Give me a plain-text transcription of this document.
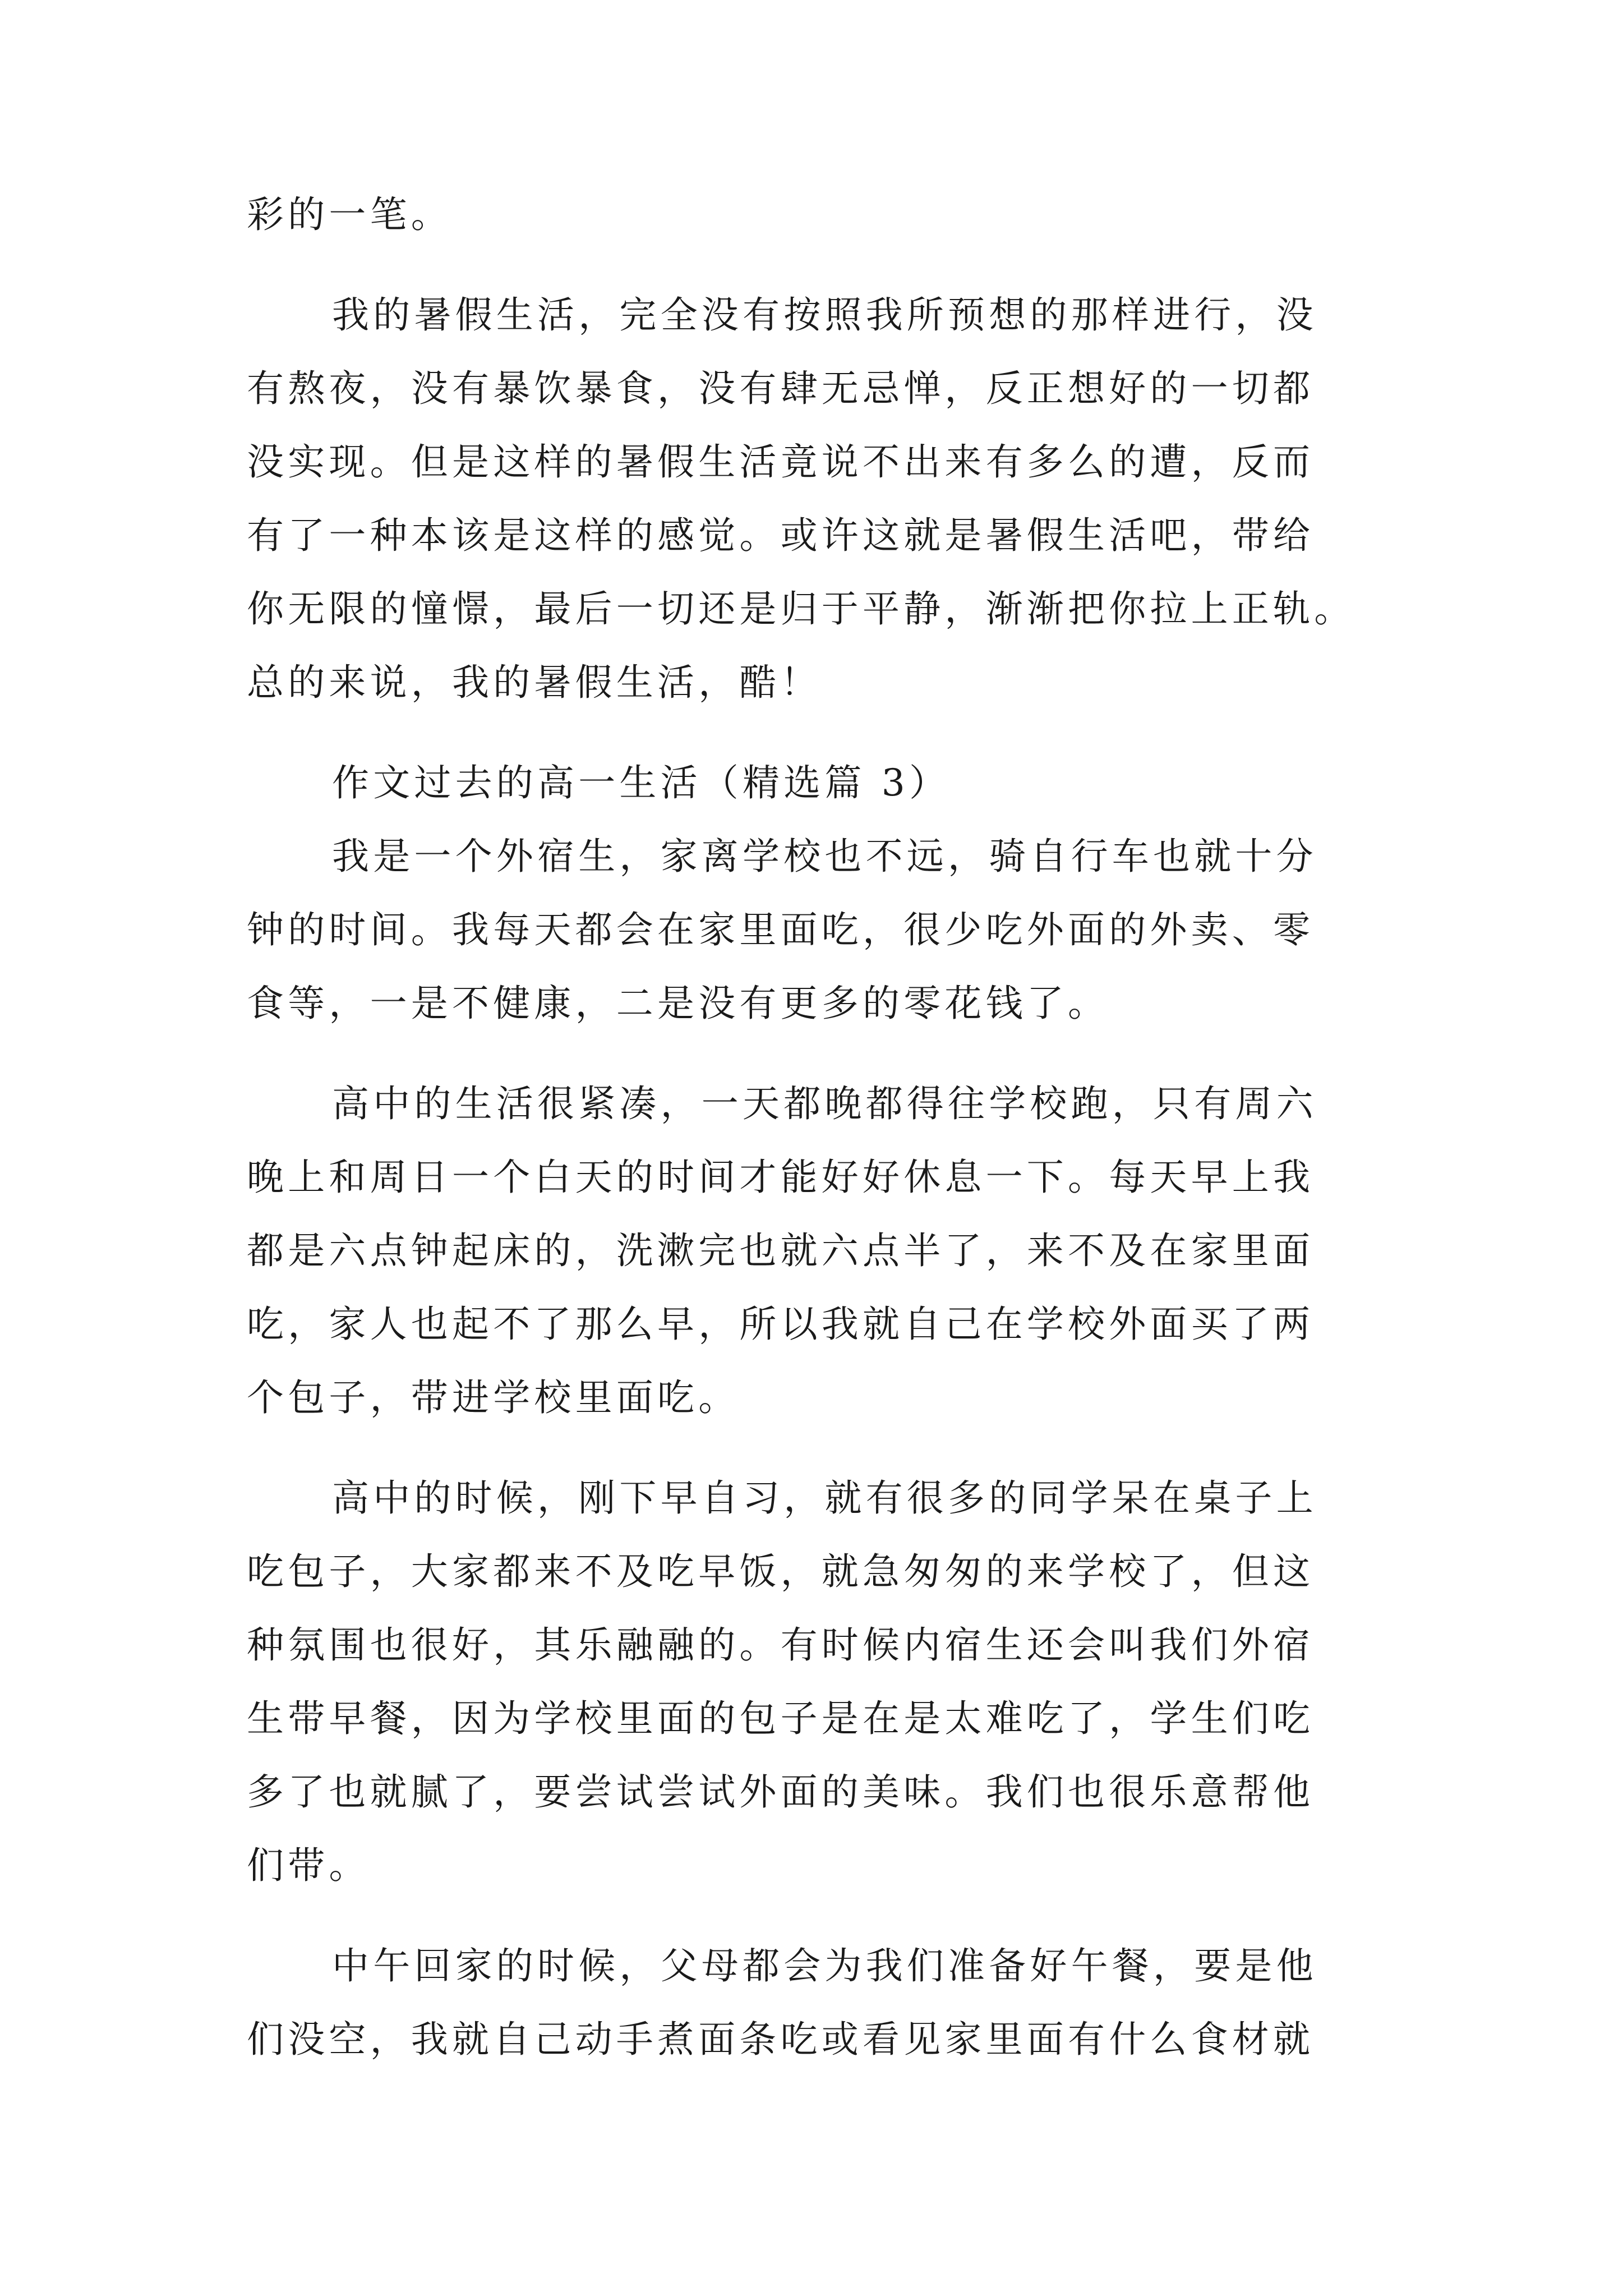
彩的一笔。

我的暑假生活，完全没有按照我所预想的那样进行，没

有熬夜，没有暴饮暴食，没有肆无忌惮，反正想好的一切都

没实现。但是这样的暑假生活竟说不出来有多么的遭，反而

有了一种本该是这样的感觉。或许这就是暑假生活吧，带给

你无限的憧憬，最后一切还是归于平静，渐渐把你拉上正轨。

总的来说，我的暑假生活，酷！

作文过去的高一生活（精选篇 3）

我是一个外宿生，家离学校也不远，骑自行车也就十分

钟的时间。我每天都会在家里面吃，很少吃外面的外卖、零

食等，一是不健康，二是没有更多的零花钱了。

高中的生活很紧凑，一天都晚都得往学校跑，只有周六

晚上和周日一个白天的时间才能好好休息一下。每天早上我

都是六点钟起床的，洗漱完也就六点半了，来不及在家里面

吃，家人也起不了那么早，所以我就自己在学校外面买了两

个包子，带进学校里面吃。

高中的时候，刚下早自习，就有很多的同学呆在桌子上

吃包子，大家都来不及吃早饭，就急匆匆的来学校了，但这

种氛围也很好，其乐融融的。有时候内宿生还会叫我们外宿

生带早餐，因为学校里面的包子是在是太难吃了，学生们吃

多了也就腻了，要尝试尝试外面的美味。我们也很乐意帮他

们带。

中午回家的时候，父母都会为我们准备好午餐，要是他

们没空，我就自己动手煮面条吃或看见家里面有什么食材就
